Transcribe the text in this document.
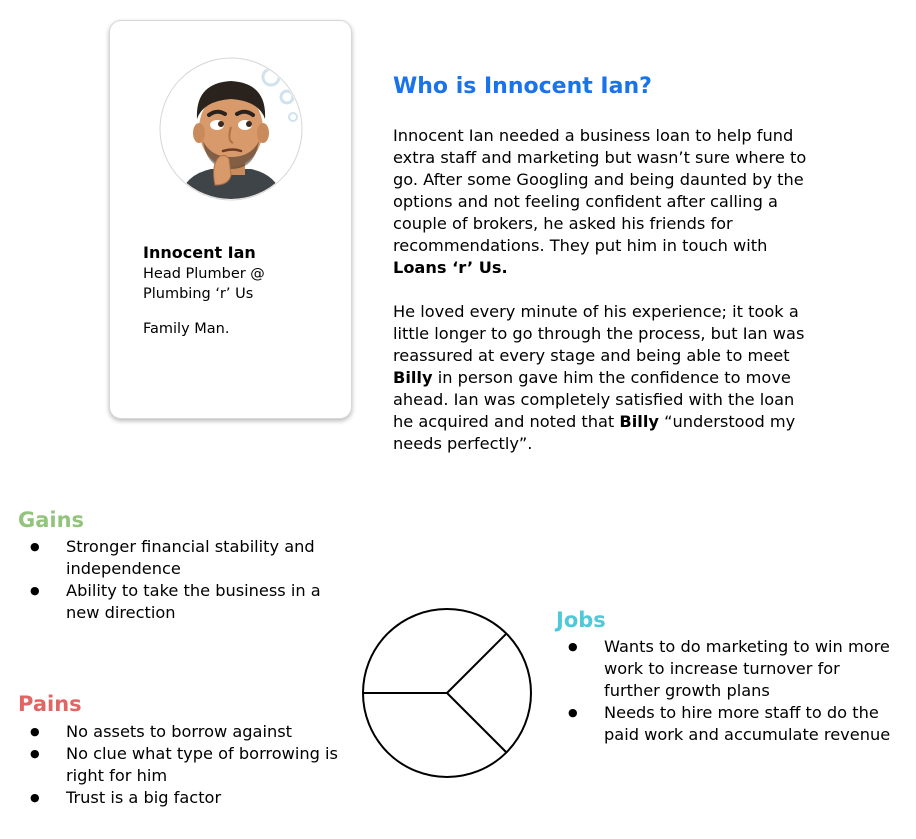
Innocent Ian
Head Plumber @
Plumbing ‘r’ Us
Family Man.
Who is Innocent Ian?

Innocent Ian needed a business loan to help fund extra staff and marketing but wasn’t sure where to go. After some Googling and being daunted by the options and not feeling confident after calling a couple of brokers, he asked his friends for recommendations. They put him in touch with Loans ‘r’ Us.

He loved every minute of his experience; it took a little longer to go through the process, but Ian was reassured at every stage and being able to meet Billy in person gave him the confidence to move ahead. Ian was completely satisfied with the loan he acquired and noted that Billy “understood my needs perfectly”.

Gains
● Stronger financial stability and independence
● Ability to take the business in a new direction
Pains
● No assets to borrow against
● No clue what type of borrowing is right for him
● Trust is a big factor
Jobs
● Wants to do marketing to win more work to increase turnover for further growth plans
● Needs to hire more staff to do the paid work and accumulate revenue
